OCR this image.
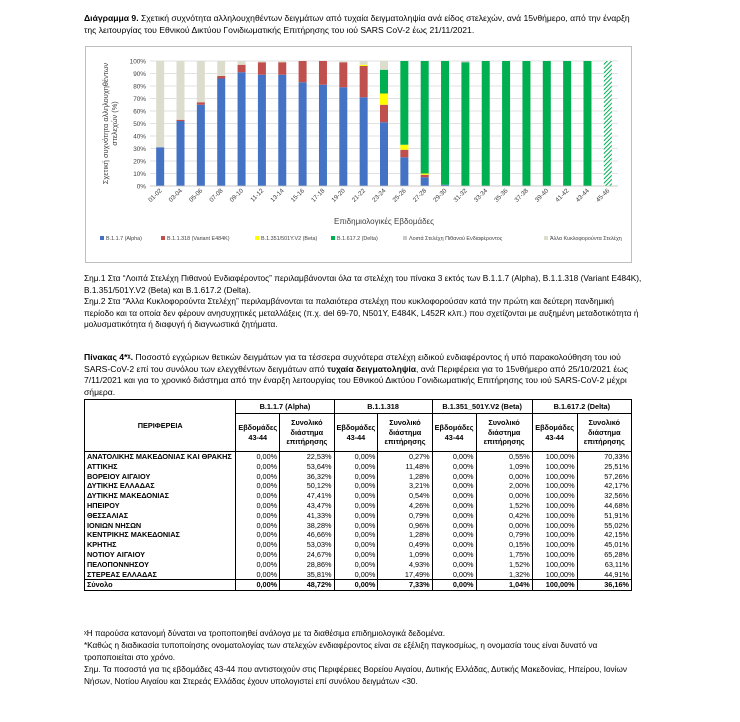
Διάγραμμα 9. Σχετική συχνότητα αλληλουχηθέντων δειγμάτων από τυχαία δειγματοληψία ανά είδος στελεχών, ανά 15νθήμερο, από την έναρξη της λειτουργίας του Εθνικού Δικτύου Γονιδιωματικής Επιτήρησης του ιού SARS CoV-2 έως 21/11/2021.
0%
10%
20%
30%
40%
50%
60%
70%
80%
90%
100%
01-02 03-04 05-06 07-08 09-10 11-12 13-14 15-16 17-18 19-20 21-22 23-24 25-26 27-28 29-30 31-32 33-34 35-36 37-38 39-40 41-42 43-44 45-46
Επιδημιολογικές Εβδομάδες
Σχετική συχνότητα αλληλουχηθέντωνστελεχών (%)
B.1.1.7 (Alpha)	B.1.1.318 (Variant E484K)	B.1.351/501Y.V2 (Beta)	B.1.617.2 (Delta)	Λοιπά Στελέχη Πιθανού Ενδιαφέροντος	Άλλα Κυκλοφορούντα Στελέχη
Σημ.1 Στα “Λοιπά Στελέχη Πιθανού Ενδιαφέροντος” περιλαμβάνονται όλα τα στελέχη του πίνακα 3 εκτός των B.1.1.7 (Alpha), B.1.1.318 (Variant E484K), B.1.351/501Y.V2 (Beta) και B.1.617.2 (Delta).
Σημ.2 Στα “Άλλα Κυκλοφορούντα Στελέχη” περιλαμβάνονται τα παλαιότερα στελέχη που κυκλοφορούσαν κατά την πρώτη και δεύτερη πανδημική περίοδο και τα οποία δεν φέρουν ανησυχητικές μεταλλάξεις (π.χ. del 69-70, N501Y, E484K, L452R κλπ.) που σχετίζονται με αυξημένη μεταδοτικότητα ή μολυσματικότητα ή διαφυγή ή διαγνωστικά ζητήματα.
Πίνακας 4*ᵡ. Ποσοστό εγχώριων θετικών δειγμάτων για τα τέσσερα συχνότερα στελέχη ειδικού ενδιαφέροντος ή υπό παρακολούθηση του ιού SARS-CoV-2 επί του συνόλου των ελεγχθέντων δειγμάτων από τυχαία δειγματοληψία, ανά Περιφέρεια για το 15νθήμερο από 25/10/2021 έως 7/11/2021 και για το χρονικό διάστημα από την έναρξη λειτουργίας του Εθνικού Δικτύου Γονιδιωματικής Επιτήρησης του ιού SARS-CoV-2 μέχρι σήμερα.
ΠΕΡΙΦΕΡΕΙΑ	B.1.1.7 (Alpha)		B.1.1.318		B.1.351_501Y.V2 (Beta)		B.1.617.2 (Delta)	
	Εβδομάδες 43-44	Συνολικό διάστημα επιτήρησης	Εβδομάδες 43-44	Συνολικό διάστημα επιτήρησης	Εβδομάδες 43-44	Συνολικό διάστημα επιτήρησης	Εβδομάδες 43-44	Συνολικό διάστημα επιτήρησης
ΑΝΑΤΟΛΙΚΗΣ ΜΑΚΕΔΟΝΙΑΣ ΚΑΙ ΘΡΑΚΗΣ	0,00%	22,53%	0,00%	0,27%	0,00%	0,55%	100,00%	70,33%
ΑΤΤΙΚΗΣ	0,00%	53,64%	0,00%	11,48%	0,00%	1,09%	100,00%	25,51%
ΒΟΡΕΙΟΥ ΑΙΓΑΙΟΥ	0,00%	36,32%	0,00%	1,28%	0,00%	0,00%	100,00%	57,26%
ΔΥΤΙΚΗΣ ΕΛΛΑΔΑΣ	0,00%	50,12%	0,00%	3,21%	0,00%	2,00%	100,00%	42,17%
ΔΥΤΙΚΗΣ ΜΑΚΕΔΟΝΙΑΣ	0,00%	47,41%	0,00%	0,54%	0,00%	0,00%	100,00%	32,56%
ΗΠΕΙΡΟΥ	0,00%	43,47%	0,00%	4,26%	0,00%	1,52%	100,00%	44,68%
ΘΕΣΣΑΛΙΑΣ	0,00%	41,33%	0,00%	0,79%	0,00%	0,42%	100,00%	51,91%
ΙΟΝΙΩΝ ΝΗΣΩΝ	0,00%	38,28%	0,00%	0,96%	0,00%	0,00%	100,00%	55,02%
ΚΕΝΤΡΙΚΗΣ ΜΑΚΕΔΟΝΙΑΣ	0,00%	46,66%	0,00%	1,28%	0,00%	0,79%	100,00%	42,15%
ΚΡΗΤΗΣ	0,00%	53,03%	0,00%	0,49%	0,00%	0,15%	100,00%	45,01%
ΝΟΤΙΟΥ ΑΙΓΑΙΟΥ	0,00%	24,67%	0,00%	1,09%	0,00%	1,75%	100,00%	65,28%
ΠΕΛΟΠΟΝΝΗΣΟΥ	0,00%	28,86%	0,00%	4,93%	0,00%	1,52%	100,00%	63,11%
ΣΤΕΡΕΑΣ ΕΛΛΑΔΑΣ	0,00%	35,81%	0,00%	17,49%	0,00%	1,32%	100,00%	44,91%
Σύνολο	0,00%	48,72%	0,00%	7,33%	0,00%	1,04%	100,00%	36,16%
ᵡΗ παρούσα κατανομή δύναται να τροποποιηθεί ανάλογα με τα διαθέσιμα επιδημιολογικά δεδομένα.
*Καθώς η διαδικασία τυποποίησης ονοματολογίας των στελεχών ενδιαφέροντος είναι σε εξέλιξη παγκοσμίως, η ονομασία τους είναι δυνατό να τροποποιείται στο χρόνο.
Σημ. Τα ποσοστά για τις εβδομάδες 43-44 που αντιστοιχούν στις Περιφέρειες Βορείου Αιγαίου, Δυτικής Ελλάδας, Δυτικής Μακεδονίας, Ηπείρου, Ιονίων Νήσων, Νοτίου Αιγαίου και Στερεάς Ελλάδας έχουν υπολογιστεί επί συνόλου δειγμάτων <30.
